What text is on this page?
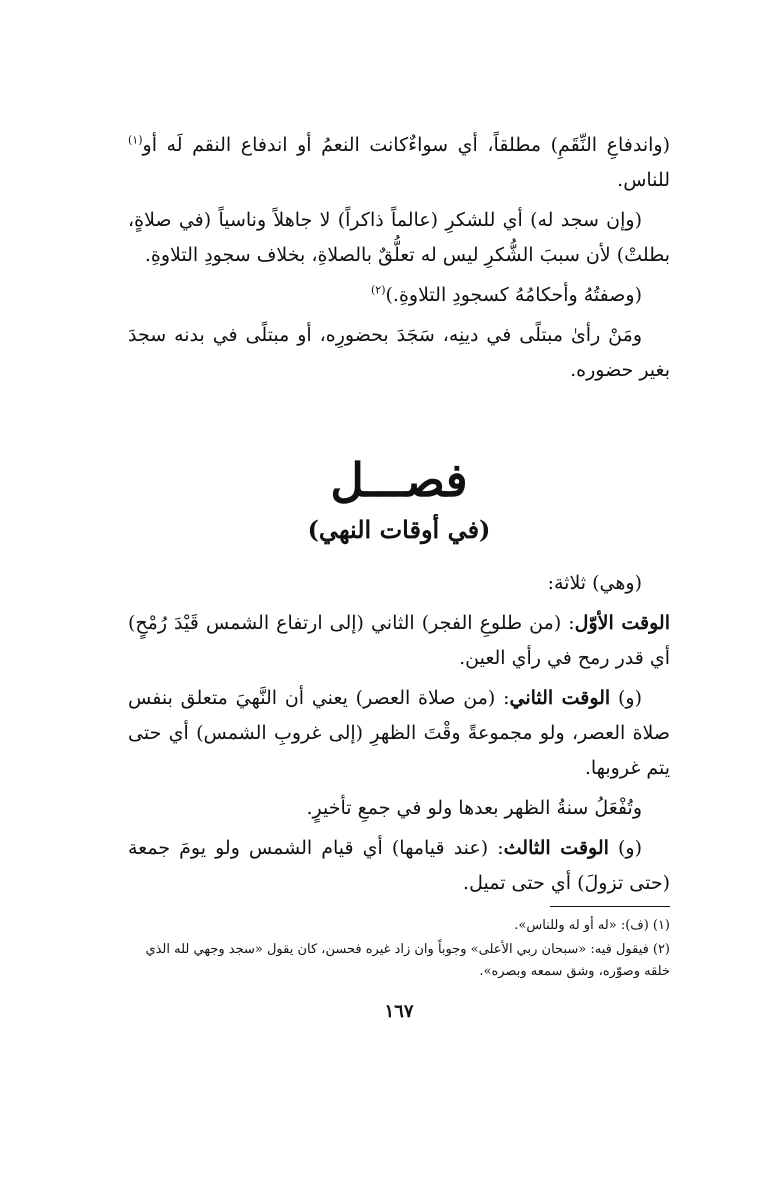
(واندفاعِ النِّقَمِ) مطلقاً، أي سواءٌكانت النعمُ أو اندفاع النقم لَه أو$^{(١)}$ للناس.

(وإن سجد له) أي للشكرِ (عالماً ذاكراً) لا جاهلاً وناسياً (في صلاةٍ، بطلتْ) لأن سببَ الشُّكرِ ليس له تعلُّقٌ بالصلاةِ، بخلاف سجودِ التلاوةِ.

(وصفتُهُ وأحكامُهُ كسجودِ التلاوةِ.)$^{(٢)}$

ومَنْ رأىٰ مبتلًى في دينِه، سَجَدَ بحضورِه، أو مبتلًى في بدنه سجدَ بغير حضوره.

فصـــل
(في أوقات النهي)

(وهي) ثلاثة:

الوقت الأوّل: (من طلوعِ الفجر) الثاني (إلى ارتفاع الشمس قَيْدَ رُمْحٍ) أي قدر رمح في رأي العين.

(و) الوقت الثاني: (من صلاة العصر) يعني أن النَّهيَ متعلق بنفس صلاة العصر، ولو مجموعةً وقْتَ الظهرِ (إلى غروبِ الشمس) أي حتى يتم غروبها.

وتُفْعَلُ سنةُ الظهر بعدها ولو في جمعِ تأخيرٍ.

(و) الوقت الثالث: (عند قيامها) أي قيام الشمس ولو يومَ جمعة (حتى تزولَ) أي حتى تميل.

(١)(ف): «له أو له وللناس».

(٢)فيقول فيه: «سبحان ربي الأعلى» وجوباً وان زاد غيره فحسن، كان يقول «سجد وجهي لله الذي خلقه وصوّره، وشق سمعه وبصره».

١٦٧
